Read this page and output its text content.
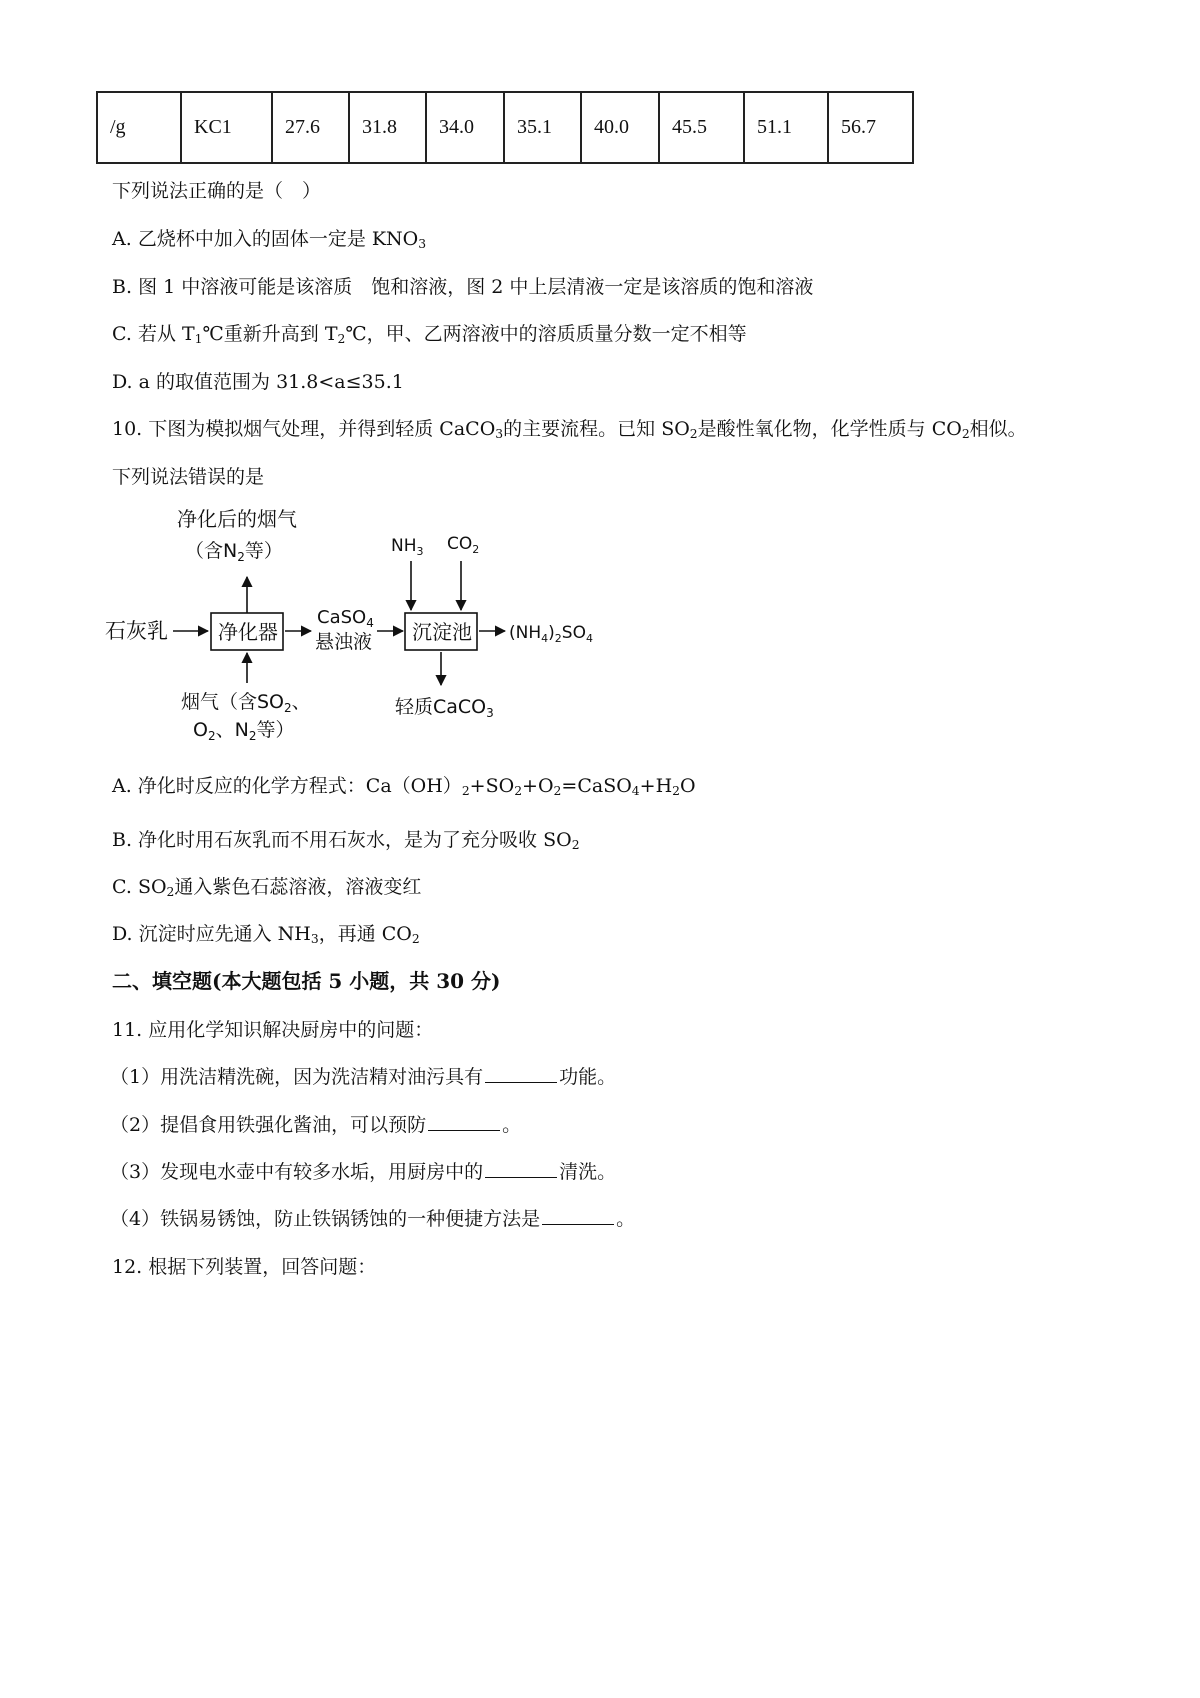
/g	KC1	27.6	31.8	34.0	35.1	40.0	45.5	51.1	56.7
下列说法正确的是（　）
A. 乙烧杯中加入的固体一定是 $KNO_3$
B. 图 1 中溶液可能是该溶质　饱和溶液，图 2 中上层清液一定是该溶质的饱和溶液
C. 若从 $T_1℃$重新升高到 $T_2℃$，甲、乙两溶液中的溶质质量分数一定不相等
D. a 的取值范围为 31.8<a≤35.1
10. 下图为模拟烟气处理，并得到轻质 CaCO$_3$的主要流程。已知 $SO_2$是酸性氧化物，化学性质与 $CO_2$相似。
下列说法错误的是
石灰乳	净化器
净化后的烟气
（含$N_2$等）
烟气（含$SO_2$、
$O_2$、$N_2$等）
CaSO$_4$
悬浊液 沉淀池
$NH_3$ $CO_2$
$(NH_4)_2SO_4$
轻质CaCO$_3$
A. 净化时反应的化学方程式：$Ca(OH)_2+SO_2+O_2=CaSO_4+H_2O$
B. 净化时用石灰乳而不用石灰水，是为了充分吸收 $SO_2$
C. $SO_2$通入紫色石蕊溶液，溶液变红
D. 沉淀时应先通入 $NH_3$，再通 $CO_2$
二、填空题(本大题包括 5 小题，共 30 分)
11. 应用化学知识解决厨房中的问题：
（1）用洗洁精洗碗，因为洗洁精对油污具有	功能。
（2）提倡食用铁强化酱油，可以预防	。
（3）发现电水壶中有较多水垢，用厨房中的	清洗。
（4）铁锅易锈蚀，防止铁锅锈蚀的一种便捷方法是	。
12. 根据下列装置，回答问题：
